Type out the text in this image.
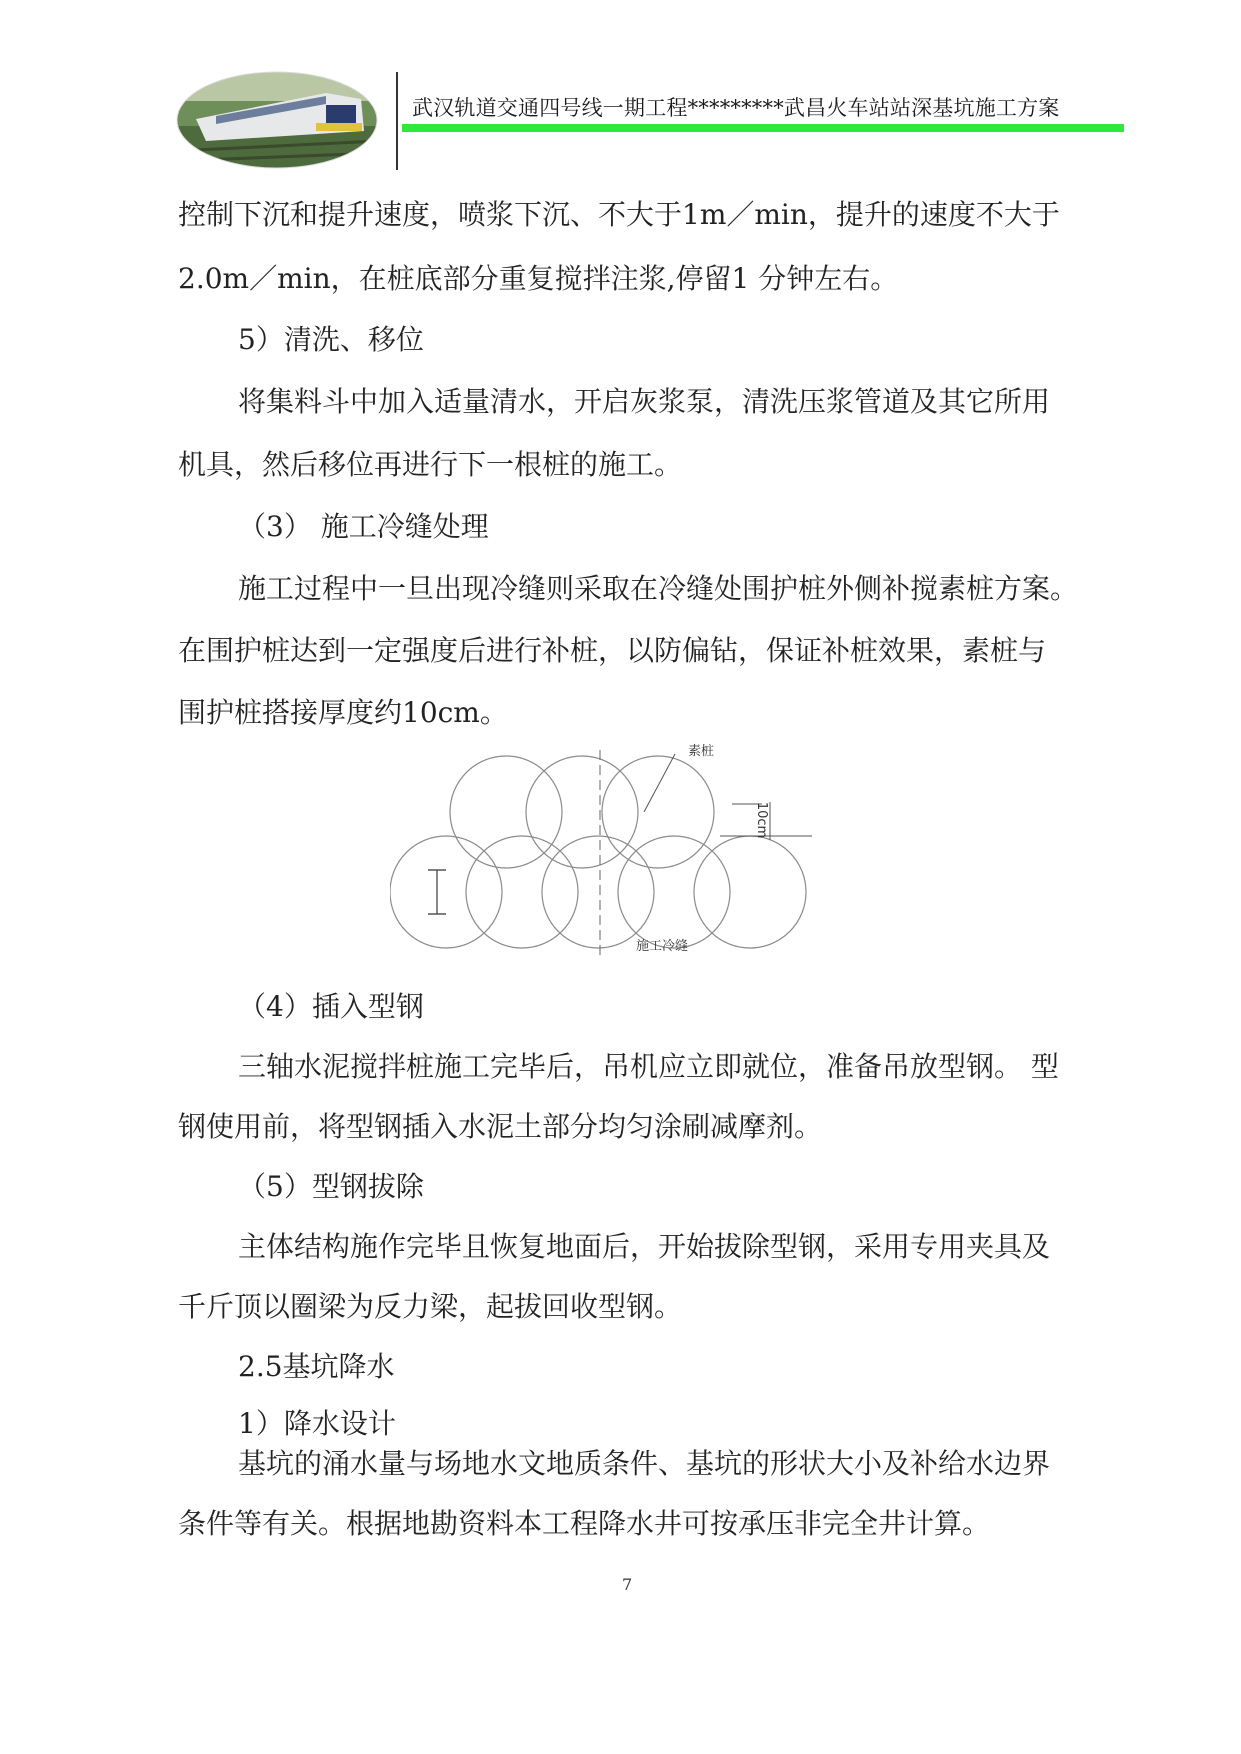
武汉轨道交通四号线一期工程*********武昌火车站站深基坑施工方案
控制下沉和提升速度，喷浆下沉、不大于1m／min，提升的速度不大于
2.0m／min，在桩底部分重复搅拌注浆,停留1 分钟左右。
5）清洗、移位
将集料斗中加入适量清水，开启灰浆泵，清洗压浆管道及其它所用
机具，然后移位再进行下一根桩的施工。
（3） 施工冷缝处理
施工过程中一旦出现冷缝则采取在冷缝处围护桩外侧补搅素桩方案。
在围护桩达到一定强度后进行补桩，以防偏钻，保证补桩效果，素桩与
围护桩搭接厚度约10cm。
素桩
10cm
施工冷缝
（4）插入型钢
三轴水泥搅拌桩施工完毕后，吊机应立即就位，准备吊放型钢。 型
钢使用前，将型钢插入水泥土部分均匀涂刷减摩剂。
（5）型钢拔除
主体结构施作完毕且恢复地面后，开始拔除型钢，采用专用夹具及
千斤顶以圈梁为反力梁，起拔回收型钢。
2.5基坑降水
1）降水设计
基坑的涌水量与场地水文地质条件、基坑的形状大小及补给水边界
条件等有关。根据地勘资料本工程降水井可按承压非完全井计算。
7
